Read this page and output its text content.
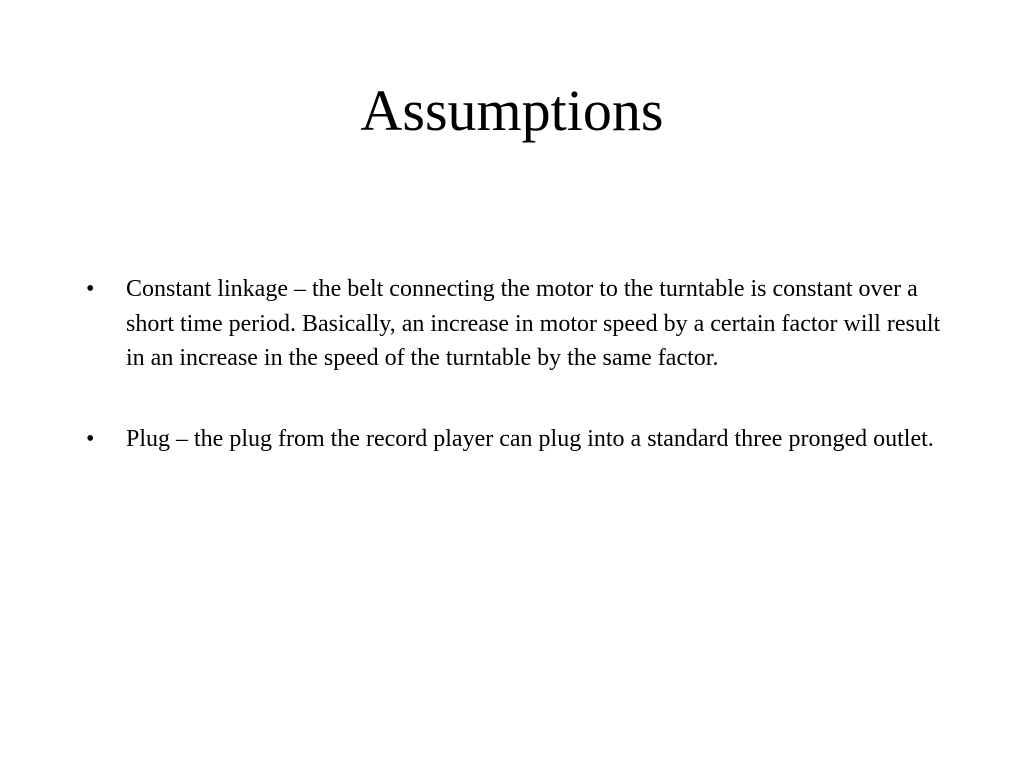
Assumptions
•	Constant linkage – the belt connecting the motor to the turntable is constant over a short time period. Basically, an increase in motor speed by a certain factor will result in an increase in the speed of the turntable by the same factor.
•	Plug – the plug from the record player can plug into a standard three pronged outlet.
